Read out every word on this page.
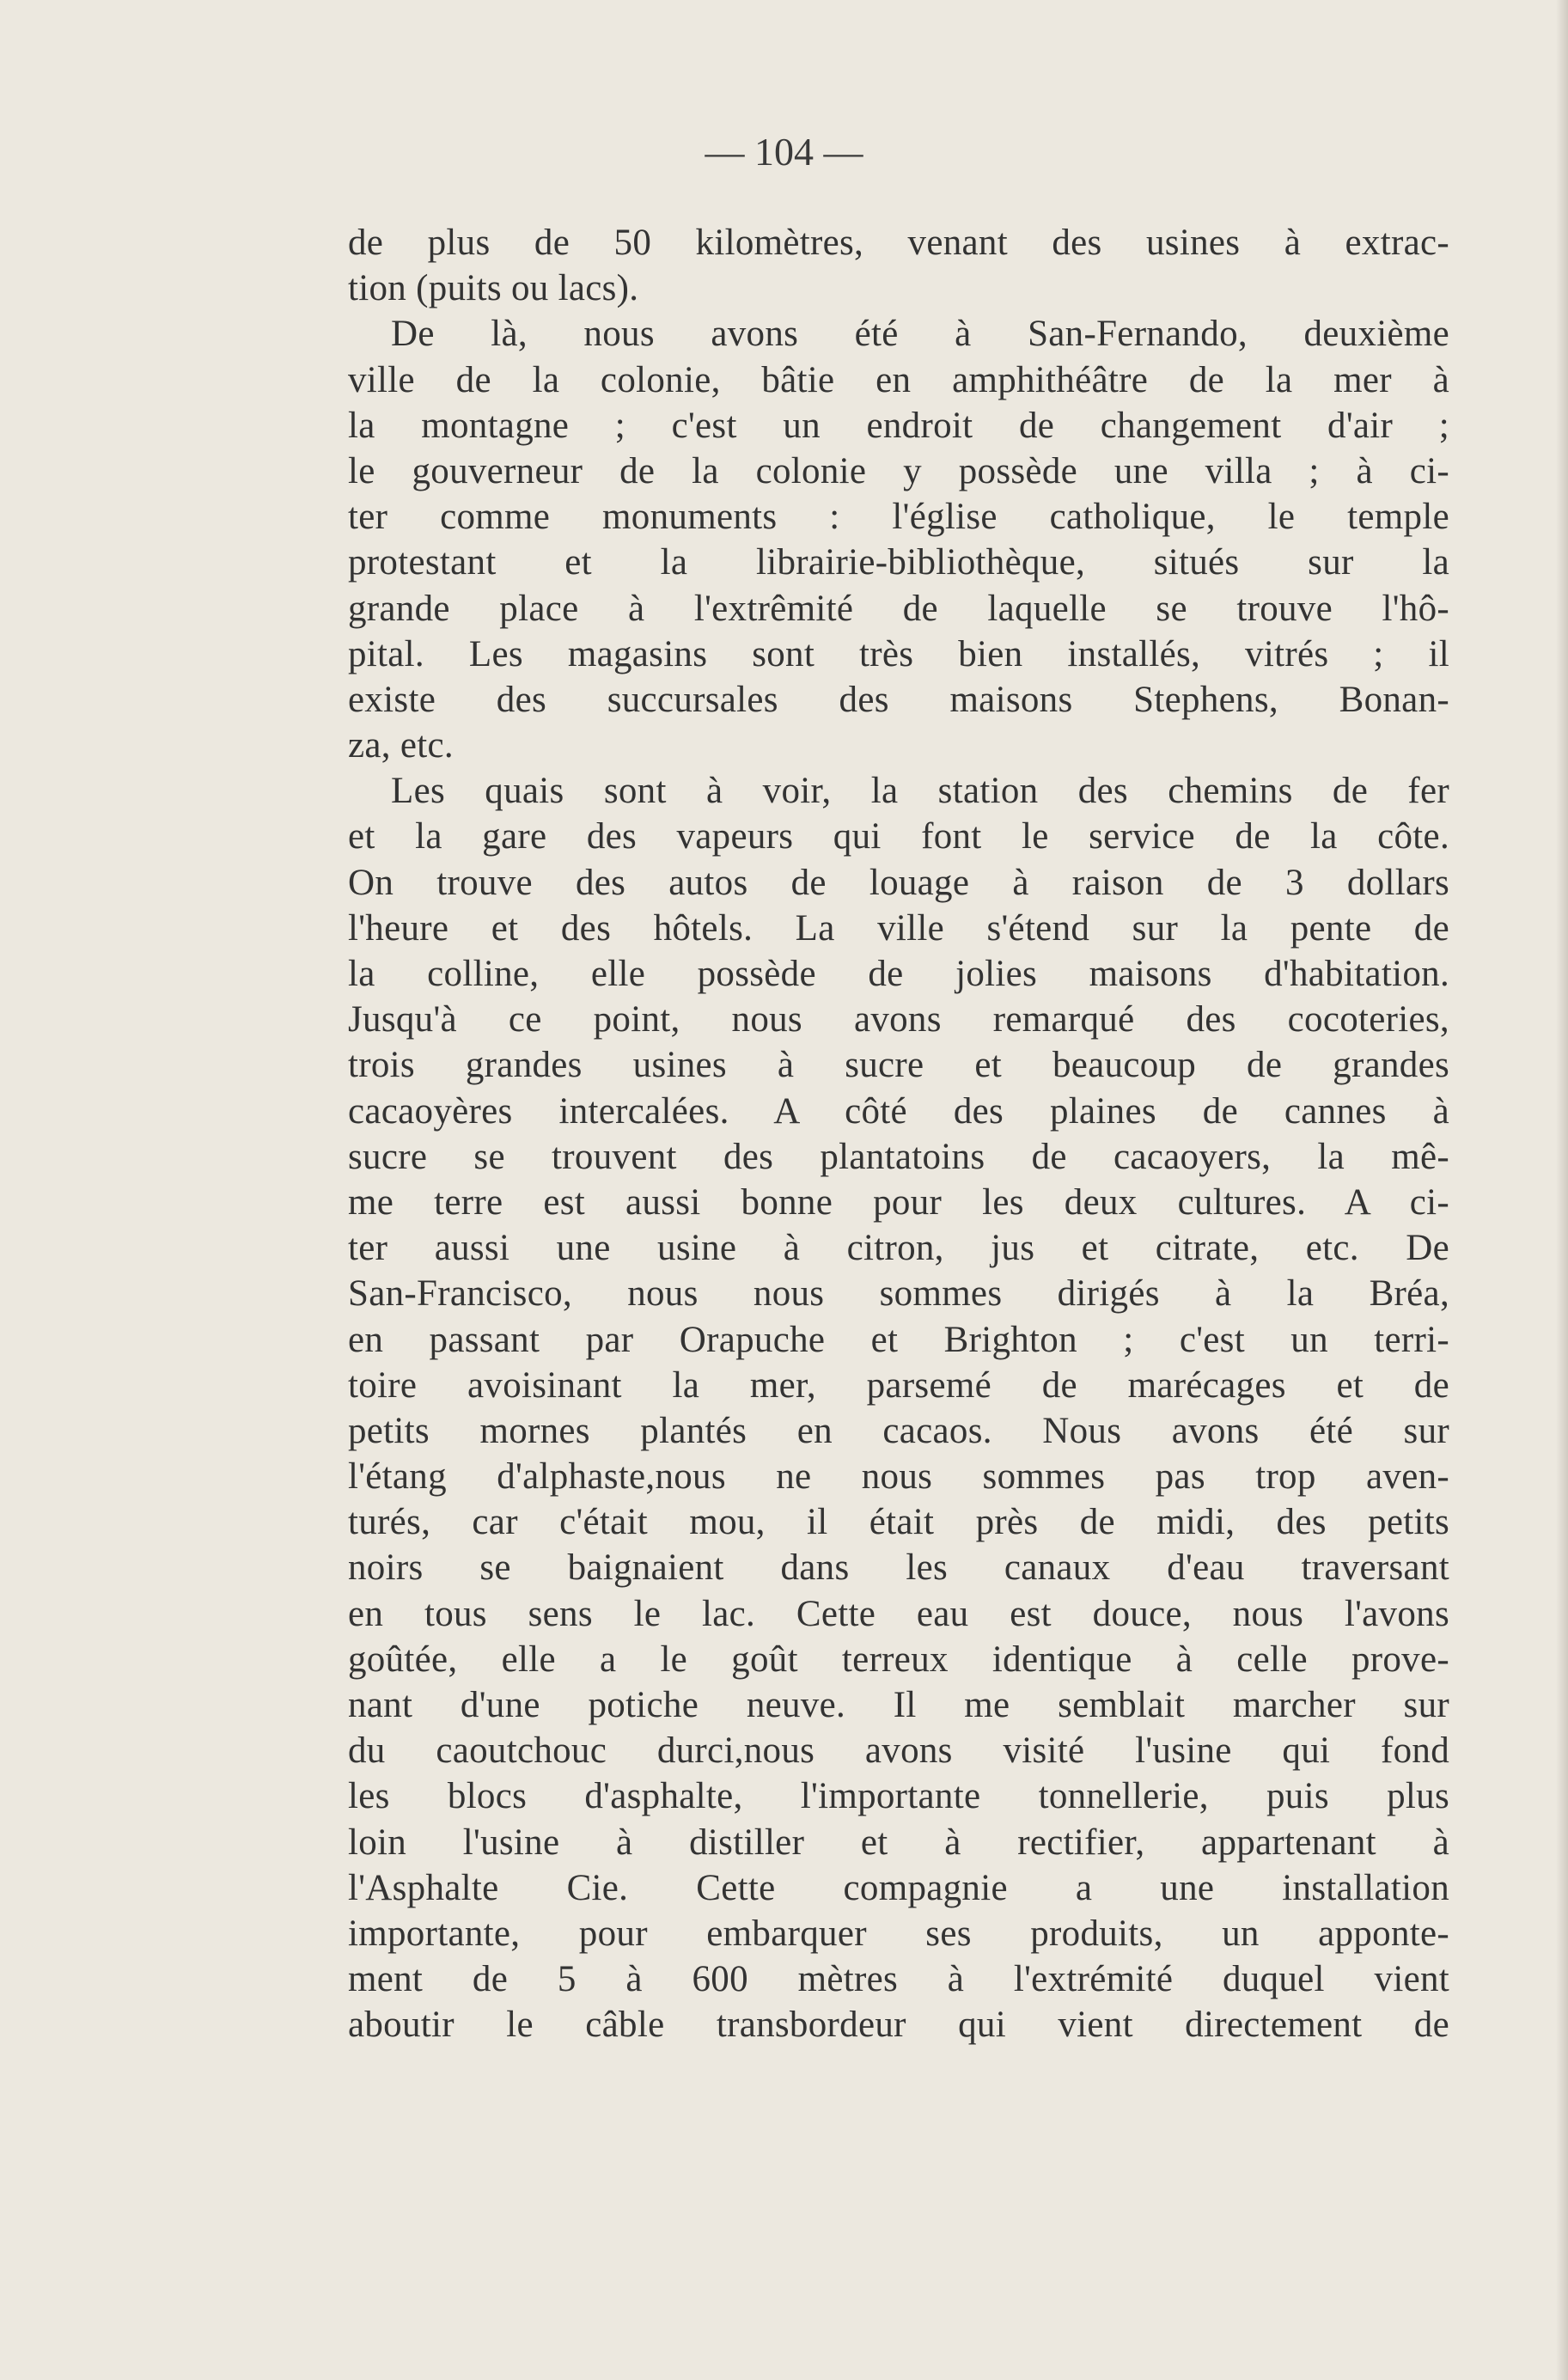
— 104 —
de plus de 50 kilomètres, venant des usines à extrac-
tion (puits ou lacs).
De là, nous avons été à San-Fernando, deuxième
ville de la colonie, bâtie en amphithéâtre de la mer à
la montagne ; c'est un endroit de changement d'air ;
le gouverneur de la colonie y possède une villa ; à ci-
ter comme monuments : l'église catholique, le temple
protestant et la librairie-bibliothèque, situés sur la
grande place à l'extrêmité de laquelle se trouve l'hô-
pital. Les magasins sont très bien installés, vitrés ; il
existe des succursales des maisons Stephens, Bonan-
za, etc.
Les quais sont à voir, la station des chemins de fer
et la gare des vapeurs qui font le service de la côte.
On trouve des autos de louage à raison de 3 dollars
l'heure et des hôtels. La ville s'étend sur la pente de
la colline, elle possède de jolies maisons d'habitation.
Jusqu'à ce point, nous avons remarqué des cocoteries,
trois grandes usines à sucre et beaucoup de grandes
cacaoyères intercalées. A côté des plaines de cannes à
sucre se trouvent des plantatoins de cacaoyers, la mê-
me terre est aussi bonne pour les deux cultures. A ci-
ter aussi une usine à citron, jus et citrate, etc. De
San-Francisco, nous nous sommes dirigés à la Bréa,
en passant par Orapuche et Brighton ; c'est un terri-
toire avoisinant la mer, parsemé de marécages et de
petits mornes plantés en cacaos. Nous avons été sur
l'étang d'alphaste,nous ne nous sommes pas trop aven-
turés, car c'était mou, il était près de midi, des petits
noirs se baignaient dans les canaux d'eau traversant
en tous sens le lac. Cette eau est douce, nous l'avons
goûtée, elle a le goût terreux identique à celle prove-
nant d'une potiche neuve. Il me semblait marcher sur
du caoutchouc durci,nous avons visité l'usine qui fond
les blocs d'asphalte, l'importante tonnellerie, puis plus
loin l'usine à distiller et à rectifier, appartenant à
l'Asphalte Cie. Cette compagnie a une installation
importante, pour embarquer ses produits, un apponte-
ment de 5 à 600 mètres à l'extrémité duquel vient
aboutir le câble transbordeur qui vient directement de
